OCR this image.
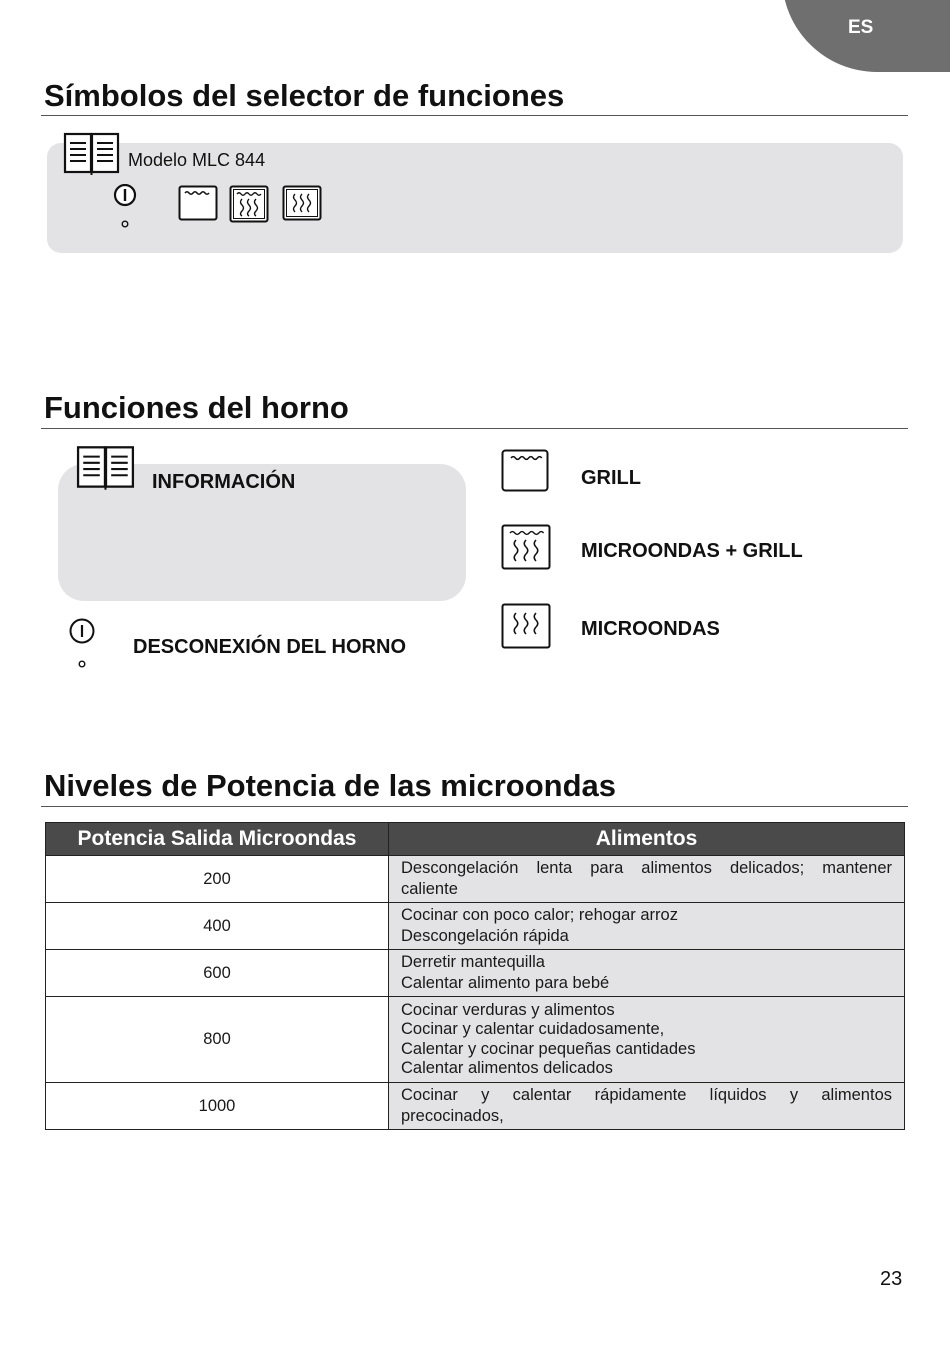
ES
Símbolos del selector de funciones
Modelo MLC 844
Funciones del horno
INFORMACIÓN
DESCONEXIÓN DEL HORNO
GRILL
MICROONDAS + GRILL
MICROONDAS
Niveles de Potencia de las microondas
Potencia Salida Microondas	Alimentos
200	Descongelación lenta para alimentos delicados; mantener
caliente

400	Cocinar con poco calor; rehogar arroz
Descongelación rápida

600	Derretir mantequilla
Calentar alimento para bebé

800	Cocinar verduras y alimentos
Cocinar y calentar cuidadosamente,
Calentar y cocinar pequeñas cantidades
Calentar alimentos delicados

1000	Cocinar y calentar rápidamente líquidos y alimentos
precocinados,
23
